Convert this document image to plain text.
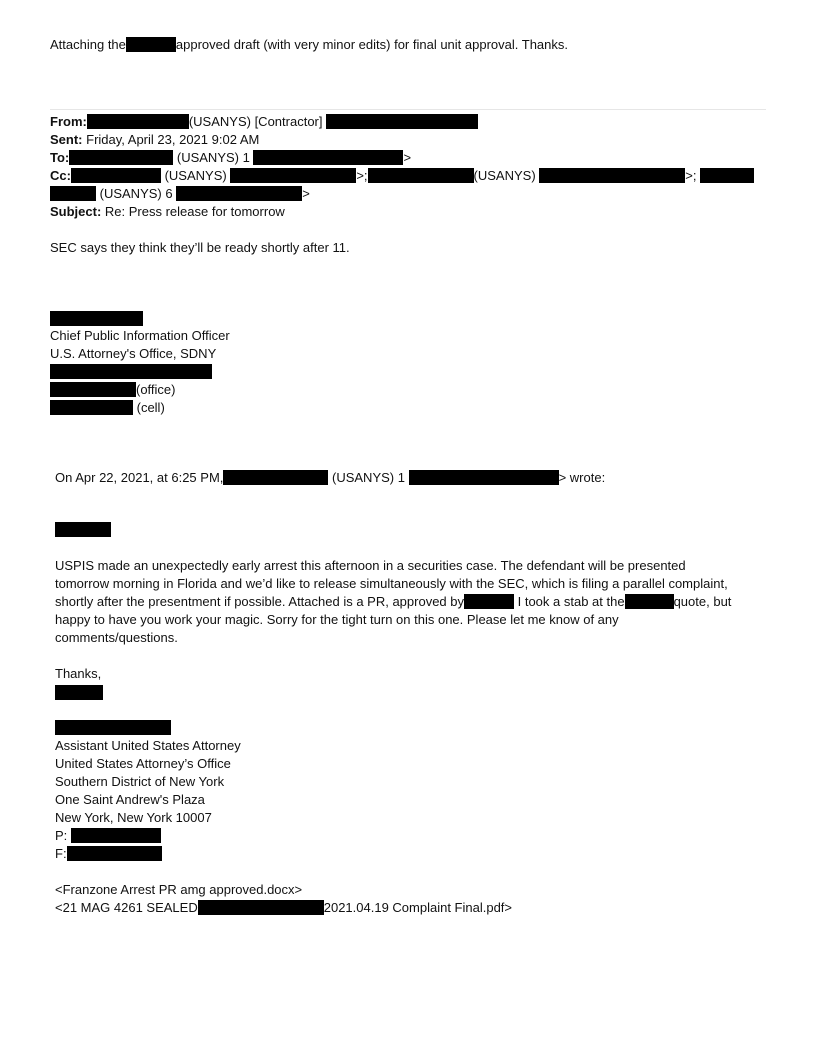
Attaching the	approved draft (with very minor edits) for final unit approval. Thanks.
From:	(USANYS) [Contractor]
Sent: Friday, April 23, 2021 9:02 AM
To:	(USANYS) 1	>
Cc:	(USANYS)	>;	(USANYS)	>;
(USANYS) 6	>
Subject: Re: Press release for tomorrow
SEC says they think they’ll be ready shortly after 11.
Chief Public Information Officer
U.S. Attorney's Office, SDNY
(office)
(cell)
On Apr 22, 2021, at 6:25 PM,	(USANYS) 1	> wrote:
USPIS made an unexpectedly early arrest this afternoon in a securities case. The defendant will be presented
tomorrow morning in Florida and we’d like to release simultaneously with the SEC, which is filing a parallel complaint,
shortly after the presentment if possible. Attached is a PR, approved by	I took a stab at the	quote, but
happy to have you work your magic. Sorry for the tight turn on this one. Please let me know of any
comments/questions.
Thanks,
Assistant United States Attorney
United States Attorney’s Office
Southern District of New York
One Saint Andrew's Plaza
New York, New York 10007
P:
F:
<Franzone Arrest PR amg approved.docx>
<21 MAG 4261 SEALED	2021.04.19 Complaint Final.pdf>
